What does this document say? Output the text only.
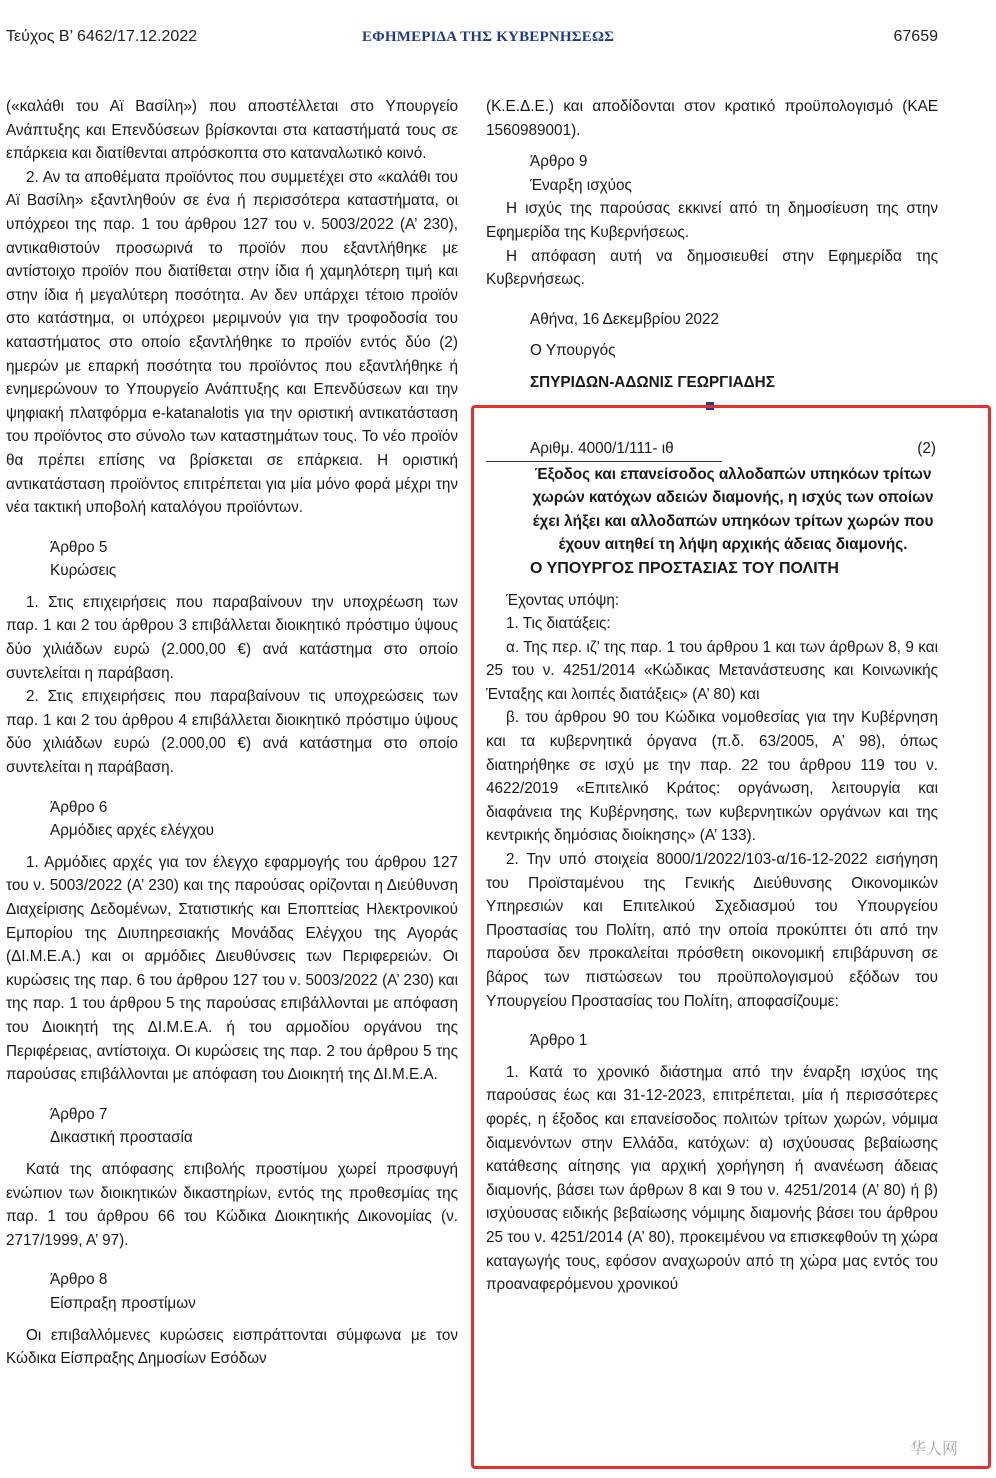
Τεύχος Β’ 6462/17.12.2022	ΕΦΗΜΕΡΙΔΑ ΤΗΣ ΚΥΒΕΡΝΗΣΕΩΣ	67659

(«καλάθι του Αϊ Βασίλη») που αποστέλλεται στο Υπουργείο Ανάπτυξης και Επενδύσεων βρίσκονται στα καταστήματά τους σε επάρκεια και διατίθενται απρόσκοπτα στο καταναλωτικό κοινό.

2. Αν τα αποθέματα προϊόντος που συμμετέχει στο «καλάθι του Αϊ Βασίλη» εξαντληθούν σε ένα ή περισσότερα καταστήματα, οι υπόχρεοι της παρ. 1 του άρθρου 127 του ν. 5003/2022 (Α’ 230), αντικαθιστούν προσωρινά το προϊόν που εξαντλήθηκε με αντίστοιχο προϊόν που διατίθεται στην ίδια ή χαμηλότερη τιμή και στην ίδια ή μεγαλύτερη ποσότητα. Αν δεν υπάρχει τέτοιο προϊόν στο κατάστημα, οι υπόχρεοι μεριμνούν για την τροφοδοσία του καταστήματος στο οποίο εξαντλήθηκε το προϊόν εντός δύο (2) ημερών με επαρκή ποσότητα του προϊόντος που εξαντλήθηκε ή ενημερώνουν το Υπουργείο Ανάπτυξης και Επενδύσεων και την ψηφιακή πλατφόρμα e-katanalotis για την οριστική αντικατάσταση του προϊόντος στο σύνολο των καταστημάτων τους. Το νέο προϊόν θα πρέπει επίσης να βρίσκεται σε επάρκεια. Η οριστική αντικατάσταση προϊόντος επιτρέπεται για μία μόνο φορά μέχρι την νέα τακτική υποβολή καταλόγου προϊόντων.

Άρθρο 5

Κυρώσεις

1. Στις επιχειρήσεις που παραβαίνουν την υποχρέωση των παρ. 1 και 2 του άρθρου 3 επιβάλλεται διοικητικό πρόστιμο ύψους δύο χιλιάδων ευρώ (2.000,00 €) ανά κατάστημα στο οποίο συντελείται η παράβαση.

2. Στις επιχειρήσεις που παραβαίνουν τις υποχρεώσεις των παρ. 1 και 2 του άρθρου 4 επιβάλλεται διοικητικό πρόστιμο ύψους δύο χιλιάδων ευρώ (2.000,00 €) ανά κατάστημα στο οποίο συντελείται η παράβαση.

Άρθρο 6

Αρμόδιες αρχές ελέγχου

1. Αρμόδιες αρχές για τον έλεγχο εφαρμογής του άρθρου 127 του ν. 5003/2022 (Α’ 230) και της παρούσας ορίζονται η Διεύθυνση Διαχείρισης Δεδομένων, Στατιστικής και Εποπτείας Ηλεκτρονικού Εμπορίου της Διυπηρεσιακής Μονάδας Ελέγχου της Αγοράς (ΔΙ.Μ.Ε.Α.) και οι αρμόδιες Διευθύνσεις των Περιφερειών. Οι κυρώσεις της παρ. 6 του άρθρου 127 του ν. 5003/2022 (Α’ 230) και της παρ. 1 του άρθρου 5 της παρούσας επιβάλλονται με απόφαση του Διοικητή της ΔΙ.Μ.Ε.Α. ή του αρμοδίου οργάνου της Περιφέρειας, αντίστοιχα. Οι κυρώσεις της παρ. 2 του άρθρου 5 της παρούσας επιβάλλονται με απόφαση του Διοικητή της ΔΙ.Μ.Ε.Α.

Άρθρο 7

Δικαστική προστασία

Κατά της απόφασης επιβολής προστίμου χωρεί προσφυγή ενώπιον των διοικητικών δικαστηρίων, εντός της προθεσμίας της παρ. 1 του άρθρου 66 του Κώδικα Διοικητικής Δικονομίας (ν. 2717/1999, Α’ 97).

Άρθρο 8

Είσπραξη προστίμων

Οι επιβαλλόμενες κυρώσεις εισπράττονται σύμφωνα με τον Κώδικα Είσπραξης Δημοσίων Εσόδων

(Κ.Ε.Δ.Ε.) και αποδίδονται στον κρατικό προϋπολογισμό (ΚΑΕ 1560989001).

Άρθρο 9

Έναρξη ισχύος

Η ισχύς της παρούσας εκκινεί από τη δημοσίευση της στην Εφημερίδα της Κυβερνήσεως.

Η απόφαση αυτή να δημοσιευθεί στην Εφημερίδα της Κυβερνήσεως.

Αθήνα, 16 Δεκεμβρίου 2022

Ο Υπουργός

ΣΠΥΡΙΔΩΝ-ΑΔΩΝΙΣ ΓΕΩΡΓΙΑΔΗΣ

Αριθμ. 4000/1/111- ιθ	(2)

Έξοδος και επανείσοδος αλλοδαπών υπηκόων τρίτων χωρών κατόχων αδειών διαμονής, η ισχύς των οποίων έχει λήξει και αλλοδαπών υπηκόων τρίτων χωρών που έχουν αιτηθεί τη λήψη αρχικής άδειας διαμονής.

Ο ΥΠΟΥΡΓΟΣ ΠΡΟΣΤΑΣΙΑΣ ΤΟΥ ΠΟΛΙΤΗ

Έχοντας υπόψη:

1. Τις διατάξεις:

α. Της περ. ιζ’ της παρ. 1 του άρθρου 1 και των άρθρων 8, 9 και 25 του ν. 4251/2014 «Κώδικας Μετανάστευσης και Κοινωνικής Ένταξης και λοιπές διατάξεις» (Α’ 80) και

β. του άρθρου 90 του Κώδικα νομοθεσίας για την Κυβέρνηση και τα κυβερνητικά όργανα (π.δ. 63/2005, Α’ 98), όπως διατηρήθηκε σε ισχύ με την παρ. 22 του άρθρου 119 του ν. 4622/2019 «Επιτελικό Κράτος: οργάνωση, λειτουργία και διαφάνεια της Κυβέρνησης, των κυβερνητικών οργάνων και της κεντρικής δημόσιας διοίκησης» (Α’ 133).

2. Την υπό στοιχεία 8000/1/2022/103-α/16-12-2022 εισήγηση του Προϊσταμένου της Γενικής Διεύθυνσης Οικονομικών Υπηρεσιών και Επιτελικού Σχεδιασμού του Υπουργείου Προστασίας του Πολίτη, από την οποία προκύπτει ότι από την παρούσα δεν προκαλείται πρόσθετη οικονομική επιβάρυνση σε βάρος των πιστώσεων του προϋπολογισμού εξόδων του Υπουργείου Προστασίας του Πολίτη, αποφασίζουμε:

Άρθρο 1

1. Κατά το χρονικό διάστημα από την έναρξη ισχύος της παρούσας έως και 31-12-2023, επιτρέπεται, μία ή περισσότερες φορές, η έξοδος και επανείσοδος πολιτών τρίτων χωρών, νόμιμα διαμενόντων στην Ελλάδα, κατόχων: α) ισχύουσας βεβαίωσης κατάθεσης αίτησης για αρχική χορήγηση ή ανανέωση άδειας διαμονής, βάσει των άρθρων 8 και 9 του ν. 4251/2014 (Α’ 80) ή β) ισχύουσας ειδικής βεβαίωσης νόμιμης διαμονής βάσει του άρθρου 25 του ν. 4251/2014 (Α’ 80), προκειμένου να επισκεφθούν τη χώρα καταγωγής τους, εφόσον αναχωρούν από τη χώρα μας εντός του προαναφερόμενου χρονικού

华人网
